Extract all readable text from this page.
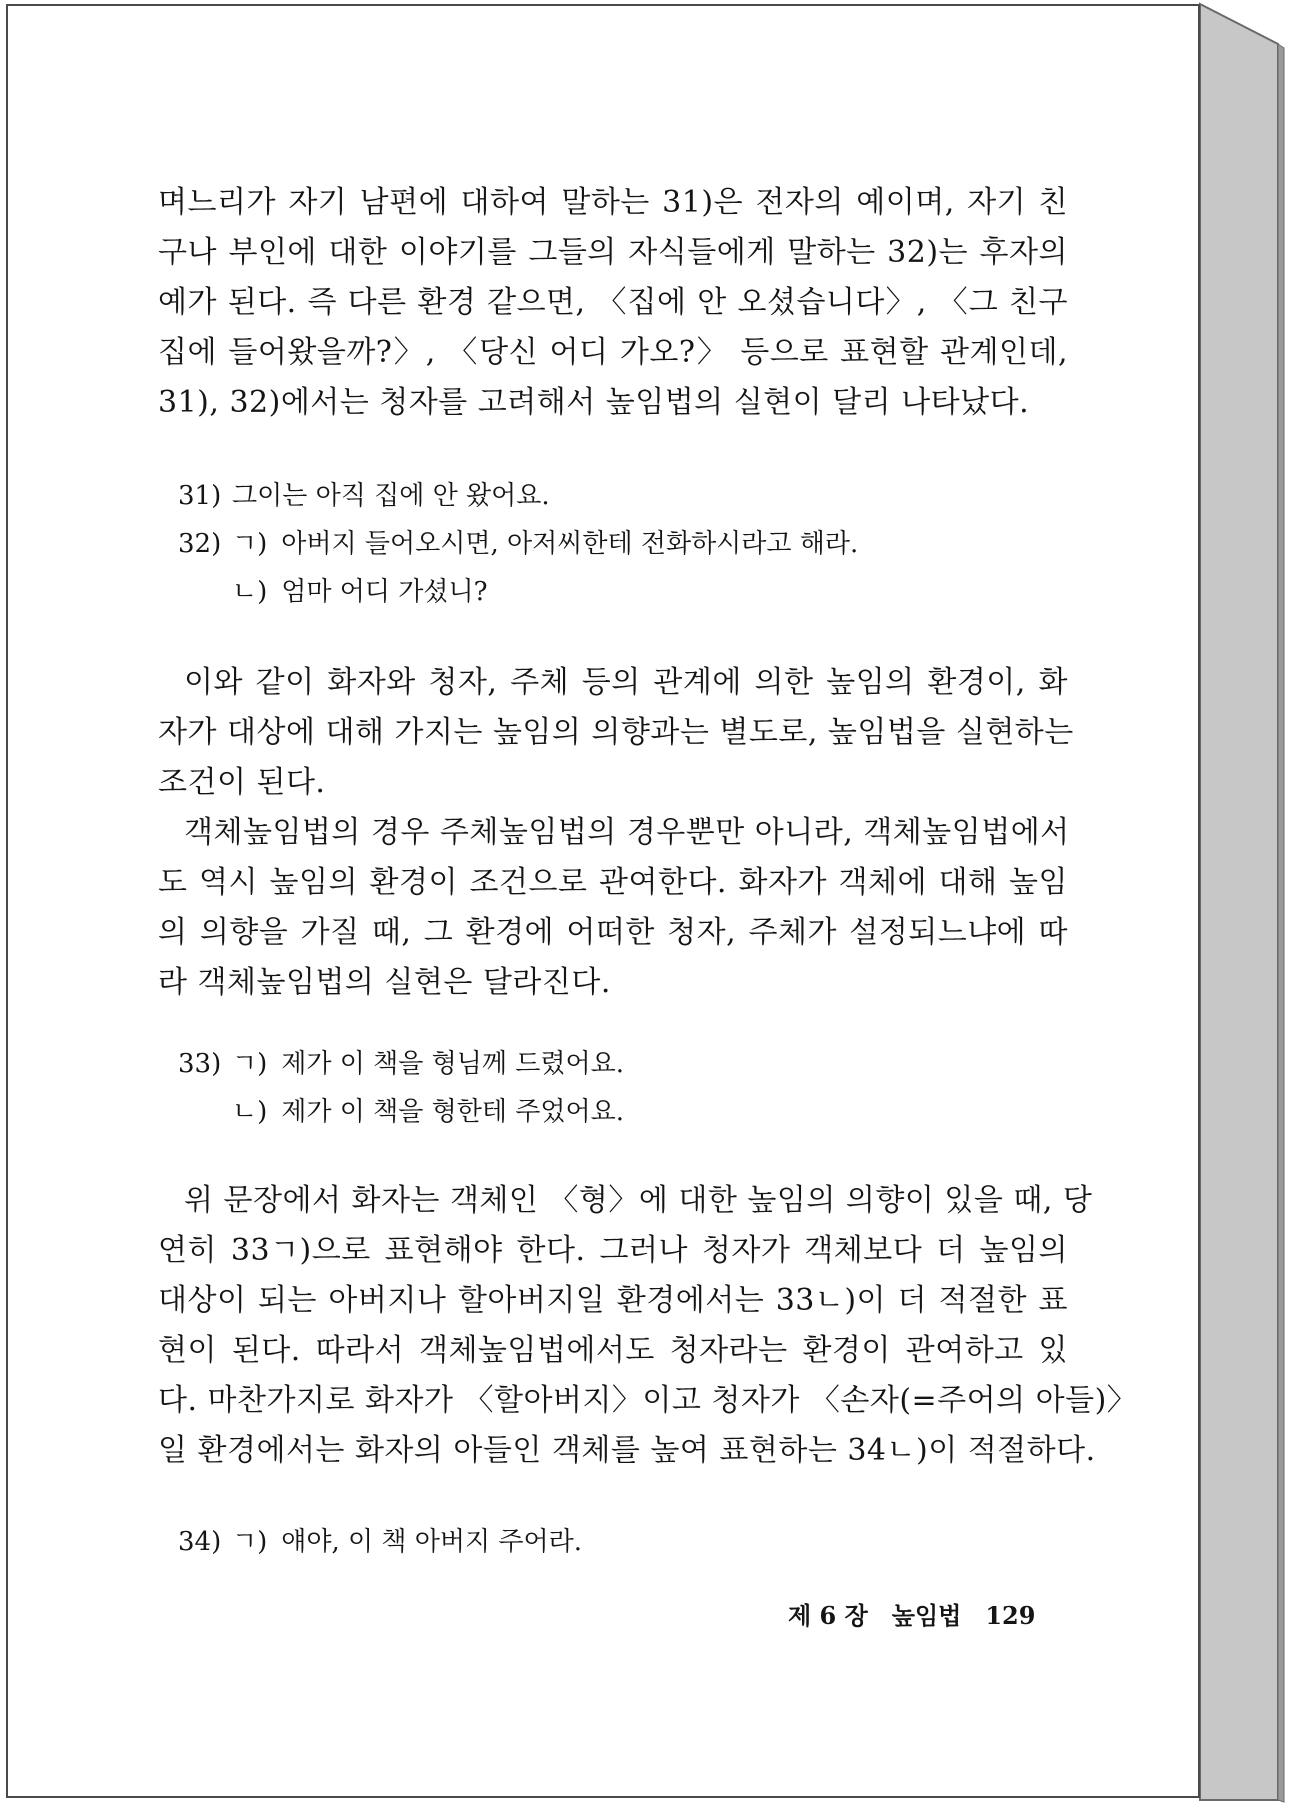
며느리가 자기 남편에 대하여 말하는 31)은 전자의 예이며, 자기 친
구나 부인에 대한 이야기를 그들의 자식들에게 말하는 32)는 후자의
예가 된다. 즉 다른 환경 같으면, 〈집에 안 오셨습니다〉, 〈그 친구
집에 들어왔을까?〉, 〈당신 어디 가오?〉 등으로 표현할 관계인데,
31), 32)에서는 청자를 고려해서 높임법의 실현이 달리 나타났다.
31) 그이는 아직 집에 안 왔어요.
32) ㄱ) 아버지 들어오시면, 아저씨한테 전화하시라고 해라.
ㄴ) 엄마 어디 가셨니?
이와 같이 화자와 청자, 주체 등의 관계에 의한 높임의 환경이, 화
자가 대상에 대해 가지는 높임의 의향과는 별도로, 높임법을 실현하는
조건이 된다.
객체높임법의 경우 주체높임법의 경우뿐만 아니라, 객체높임법에서
도 역시 높임의 환경이 조건으로 관여한다. 화자가 객체에 대해 높임
의 의향을 가질 때, 그 환경에 어떠한 청자, 주체가 설정되느냐에 따
라 객체높임법의 실현은 달라진다.
33) ㄱ) 제가 이 책을 형님께 드렸어요.
ㄴ) 제가 이 책을 형한테 주었어요.
위 문장에서 화자는 객체인 〈형〉에 대한 높임의 의향이 있을 때, 당
연히 33ㄱ)으로 표현해야 한다. 그러나 청자가 객체보다 더 높임의
대상이 되는 아버지나 할아버지일 환경에서는 33ㄴ)이 더 적절한 표
현이 된다. 따라서 객체높임법에서도 청자라는 환경이 관여하고 있
다. 마찬가지로 화자가 〈할아버지〉이고 청자가 〈손자(=주어의 아들)〉
일 환경에서는 화자의 아들인 객체를 높여 표현하는 34ㄴ)이 적절하다.
34) ㄱ) 얘야, 이 책 아버지 주어라.
제 6 장 높임법 129
